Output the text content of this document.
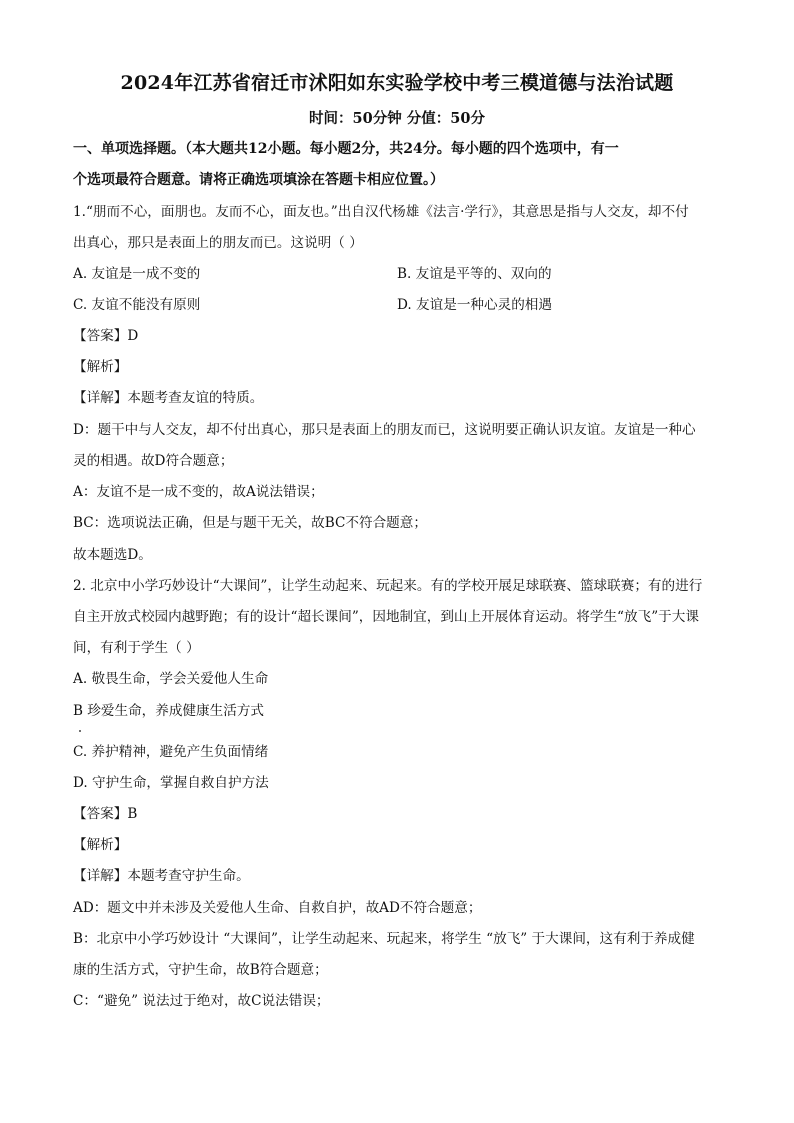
2024年江苏省宿迁市沭阳如东实验学校中考三模道德与法治试题
时间：50分钟 分值：50分
一、单项选择题。（本大题共12小题。每小题2分，共24分。每小题的四个选项中，有一
个选项最符合题意。请将正确选项填涂在答题卡相应位置。）
1.“朋而不心，面朋也。友而不心，面友也。”出自汉代杨雄《法言·学行》，其意思是指与人交友，却不付
出真心，那只是表面上的朋友而已。这说明（ ）
A. 友谊是一成不变的	B. 友谊是平等的、双向的
C. 友谊不能没有原则	D. 友谊是一种心灵的相遇
【答案】D
【解析】
【详解】本题考查友谊的特质。
D：题干中与人交友，却不付出真心，那只是表面上的朋友而已，这说明要正确认识友谊。友谊是一种心
灵的相遇。故D符合题意；
A：友谊不是一成不变的，故A说法错误；
BC：选项说法正确，但是与题干无关，故BC不符合题意；
故本题选D。
2. 北京中小学巧妙设计“大课间”，让学生动起来、玩起来。有的学校开展足球联赛、篮球联赛；有的进行
自主开放式校园内越野跑；有的设计“超长课间”，因地制宜，到山上开展体育运动。将学生“放飞”于大课
间，有利于学生（ ）
A. 敬畏生命，学会关爱他人生命
B 珍爱生命，养成健康生活方式
C. 养护精神，避免产生负面情绪
D. 守护生命，掌握自救自护方法
【答案】B
【解析】
【详解】本题考查守护生命。
AD：题文中并未涉及关爱他人生命、自救自护，故AD不符合题意；
B：北京中小学巧妙设计 “大课间”，让学生动起来、玩起来，将学生 “放飞” 于大课间，这有利于养成健
康的生活方式，守护生命，故B符合题意；
C：“避免” 说法过于绝对，故C说法错误；
